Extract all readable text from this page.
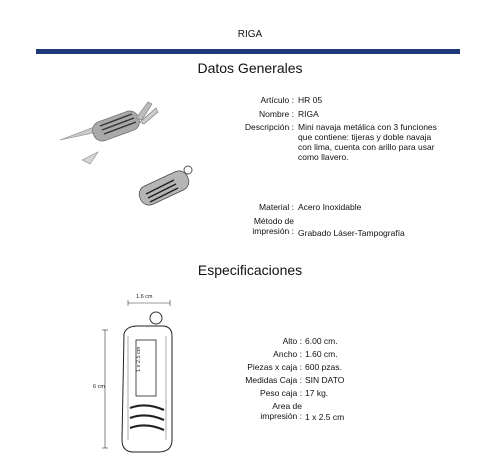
RIGA
Datos Generales
Artículo : HR 05
Nombre : RIGA
Descripción : Mini navaja metálica con 3 funciones que contiene: tijeras y doble navaja con lima, cuenta con arillo para usar como llavero.
Material : Acero Inoxidable
Método de impresión : Grabado Láser-Tampografía
Especificaciones
1.6 cm
6 cm
1 x 2.5 cm
Alto : 6.00 cm.
Ancho : 1.60 cm.
Piezas x caja : 600 pzas.
Medidas Caja : SIN DATO
Peso caja : 17 kg.
Area de impresión : 1 x 2.5 cm
